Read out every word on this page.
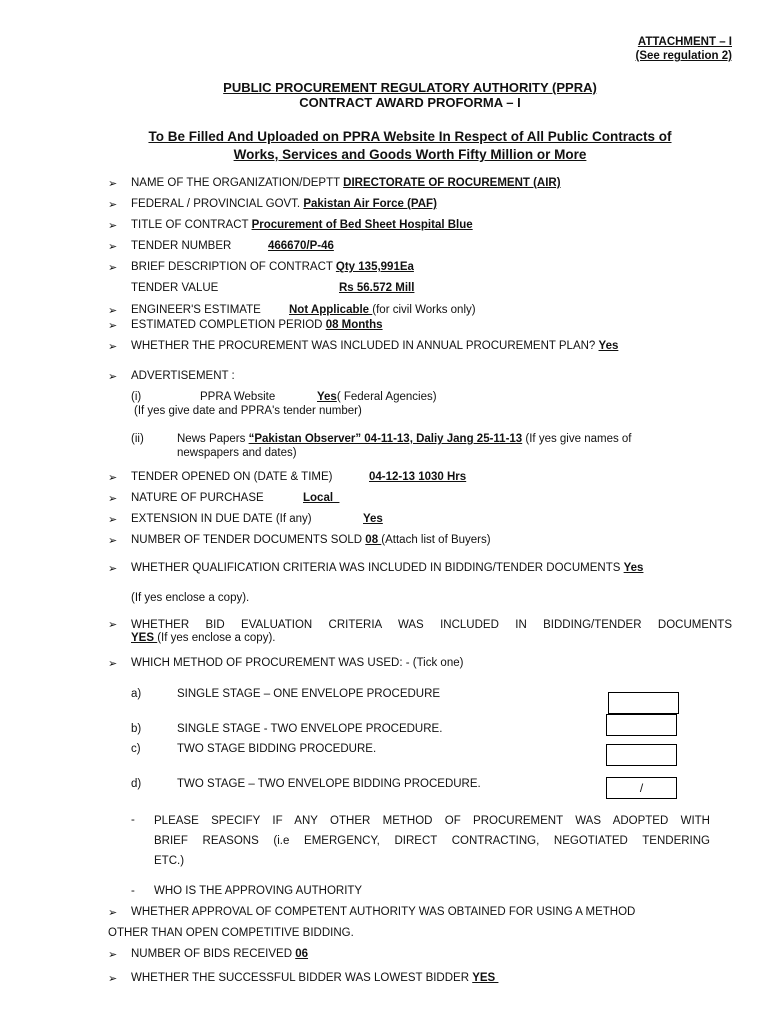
ATTACHMENT – I
(See regulation 2)
PUBLIC PROCUREMENT REGULATORY AUTHORITY (PPRA)
CONTRACT AWARD PROFORMA – I
To Be Filled And Uploaded on PPRA Website In Respect of All Public Contracts of
Works, Services and Goods Worth Fifty Million or More
➢ NAME OF THE ORGANIZATION/DEPTT DIRECTORATE OF ROCUREMENT (AIR)
➢ FEDERAL / PROVINCIAL GOVT. Pakistan Air Force (PAF)
➢ TITLE OF CONTRACT Procurement of Bed Sheet Hospital Blue
➢ TENDER NUMBER	466670/P-46
➢ BRIEF DESCRIPTION OF CONTRACT Qty 135,991Ea
TENDER VALUE	Rs 56.572 Mill
➢ ENGINEER'S ESTIMATE Not Applicable (for civil Works only)
➢ ESTIMATED COMPLETION PERIOD 08 Months
➢ WHETHER THE PROCUREMENT WAS INCLUDED IN ANNUAL PROCUREMENT PLAN? Yes
➢ ADVERTISEMENT :
(i)	PPRA Website	Yes( Federal Agencies)
(If yes give date and PPRA's tender number)
(ii)	News Papers “Pakistan Observer” 04-11-13, Daliy Jang 25-11-13 (If yes give names of
newspapers and dates)
➢ TENDER OPENED ON (DATE & TIME)	04-12-13 1030 Hrs
➢ NATURE OF PURCHASE	Local
➢ EXTENSION IN DUE DATE (If any)	Yes
➢ NUMBER OF TENDER DOCUMENTS SOLD 08 (Attach list of Buyers)
➢ WHETHER QUALIFICATION CRITERIA WAS INCLUDED IN BIDDING/TENDER DOCUMENTS Yes
(If yes enclose a copy).
➢ WHETHER BID EVALUATION CRITERIA WAS INCLUDED IN BIDDING/TENDER DOCUMENTS
YES (If yes enclose a copy).
➢ WHICH METHOD OF PROCUREMENT WAS USED: - (Tick one)
a)	SINGLE STAGE – ONE ENVELOPE PROCEDURE
b)	SINGLE STAGE - TWO ENVELOPE PROCEDURE.
c)	TWO STAGE BIDDING PROCEDURE.
d)	TWO STAGE – TWO ENVELOPE BIDDING PROCEDURE.	/
- PLEASE SPECIFY IF ANY OTHER METHOD OF PROCUREMENT WAS ADOPTED WITH
BRIEF REASONS (i.e EMERGENCY, DIRECT CONTRACTING, NEGOTIATED TENDERING
ETC.)
- WHO IS THE APPROVING AUTHORITY
➢ WHETHER APPROVAL OF COMPETENT AUTHORITY WAS OBTAINED FOR USING A METHOD
OTHER THAN OPEN COMPETITIVE BIDDING.
➢ NUMBER OF BIDS RECEIVED 06
➢ WHETHER THE SUCCESSFUL BIDDER WAS LOWEST BIDDER YES
